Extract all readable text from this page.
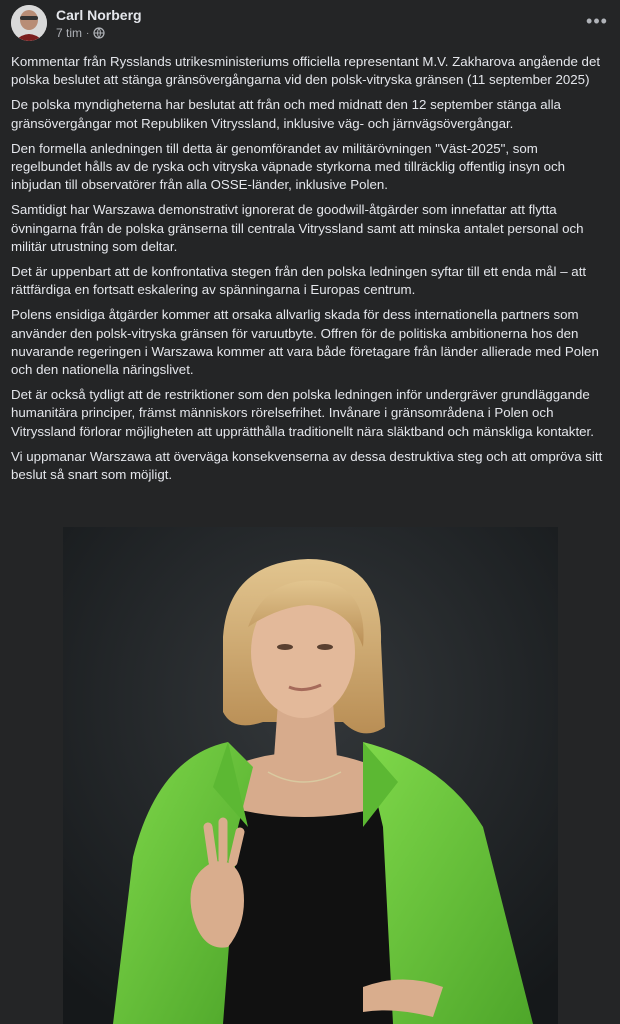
Carl Norberg
7 tim ·
•••

Kommentar från Rysslands utrikesministeriums officiella representant M.V. Zakharova angående det polska beslutet att stänga gränsövergångarna vid den polsk-vitryska gränsen (11 september 2025)

De polska myndigheterna har beslutat att från och med midnatt den 12 september stänga alla gränsövergångar mot Republiken Vitryssland, inklusive väg- och järnvägsövergångar.

Den formella anledningen till detta är genomförandet av militärövningen "Väst-2025", som regelbundet hålls av de ryska och vitryska väpnade styrkorna med tillräcklig offentlig insyn och inbjudan till observatörer från alla OSSE-länder, inklusive Polen.

Samtidigt har Warszawa demonstrativt ignorerat de goodwill-åtgärder som innefattar att flytta övningarna från de polska gränserna till centrala Vitryssland samt att minska antalet personal och militär utrustning som deltar.

Det är uppenbart att de konfrontativa stegen från den polska ledningen syftar till ett enda mål – att rättfärdiga en fortsatt eskalering av spänningarna i Europas centrum.

Polens ensidiga åtgärder kommer att orsaka allvarlig skada för dess internationella partners som använder den polsk-vitryska gränsen för varuutbyte. Offren för de politiska ambitionerna hos den nuvarande regeringen i Warszawa kommer att vara både företagare från länder allierade med Polen och den nationella näringslivet.

Det är också tydligt att de restriktioner som den polska ledningen inför undergräver grundläggande humanitära principer, främst människors rörelsefrihet. Invånare i gränsområdena i Polen och Vitryssland förlorar möjligheten att upprätthålla traditionellt nära släktband och mänskliga kontakter.

Vi uppmanar Warszawa att överväga konsekvenserna av dessa destruktiva steg och att ompröva sitt beslut så snart som möjligt.
